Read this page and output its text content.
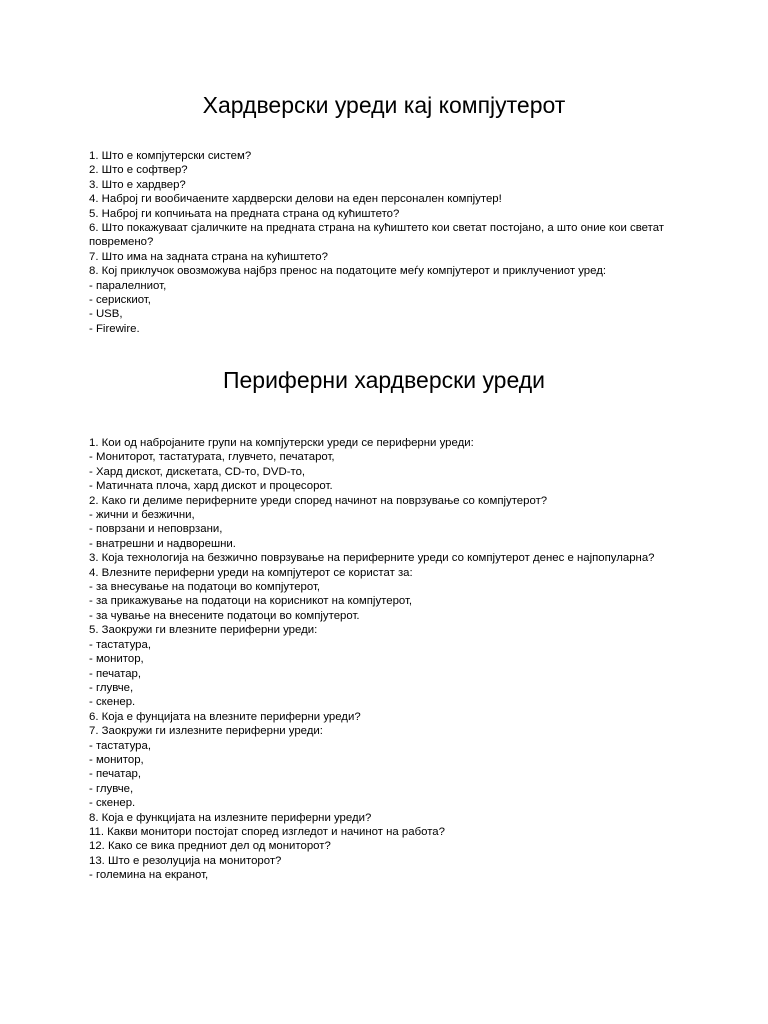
Хардверски уреди кај компјутерот
1. Што е компјутерски систем?
2. Што е софтвер?
3. Што е хардвер?
4. Наброј ги вообичаените хардверски делови на еден персонален компјутер!
5. Наброј ги копчињата на предната страна од кућиштето?
6. Што покажуваат сјаличките на предната страна на кућиштето кои светат постојано, а што оние кои светат повремено?
7. Што има на задната страна на кућиштето?
8. Кој приклучок овозможува најбрз пренос на податоците меѓу компјутерот и приклучениот уред:
- паралелниот,
- серискиот,
- USB,
- Firewire.
Периферни хардверски уреди
1. Кои од набројаните групи на компјутерски уреди се периферни уреди:
- Мониторот, тастатурата, глувчето, печатарот,
- Хард дискот, дискетата, CD-то, DVD-то,
- Матичната плоча, хард дискот и процесорот.
2. Како ги делиме периферните уреди според начинот на поврзување со компјутерот?
- жични и безжични,
- поврзани и неповрзани,
- внатрешни и надворешни.
3. Која технологија на безжично поврзување на периферните уреди со компјутерот денес е најпопуларна?
4. Влезните периферни уреди на компјутерот се користат за:
- за внесување на податоци во компјутерот,
- за прикажување на податоци на корисникот на компјутерот,
- за чување на внесените податоци во компјутерот.
5. Заокружи ги влезните периферни уреди:
- тастатура,
- монитор,
- печатар,
- глувче,
- скенер.
6. Која е фунцијата на влезните периферни уреди?
7. Заокружи ги излезните периферни уреди:
- тастатура,
- монитор,
- печатар,
- глувче,
- скенер.
8. Која е функцијата на излезните периферни уреди?
11. Какви монитори постојат според изгледот и начинот на работа?
12. Како се вика предниот дел од мониторот?
13. Што е резолуција на мониторот?
- големина на екранот,
